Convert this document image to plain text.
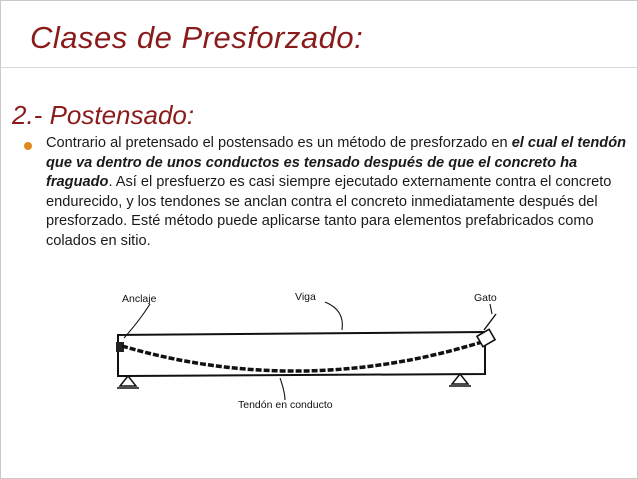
Clases de Presforzado:
2.- Postensado:
Contrario al pretensado el postensado es un método de presforzado en el cual el tendón que va dentro de unos conductos es tensado después de que el concreto ha fraguado. Así el presfuerzo es casi siempre ejecutado externamente contra el concreto endurecido, y los tendones se anclan contra el concreto inmediatamente después del presforzado. Esté método puede aplicarse tanto para elementos prefabricados como colados en sitio.
Anclaje	Viga	Gato
Tendón en conducto
